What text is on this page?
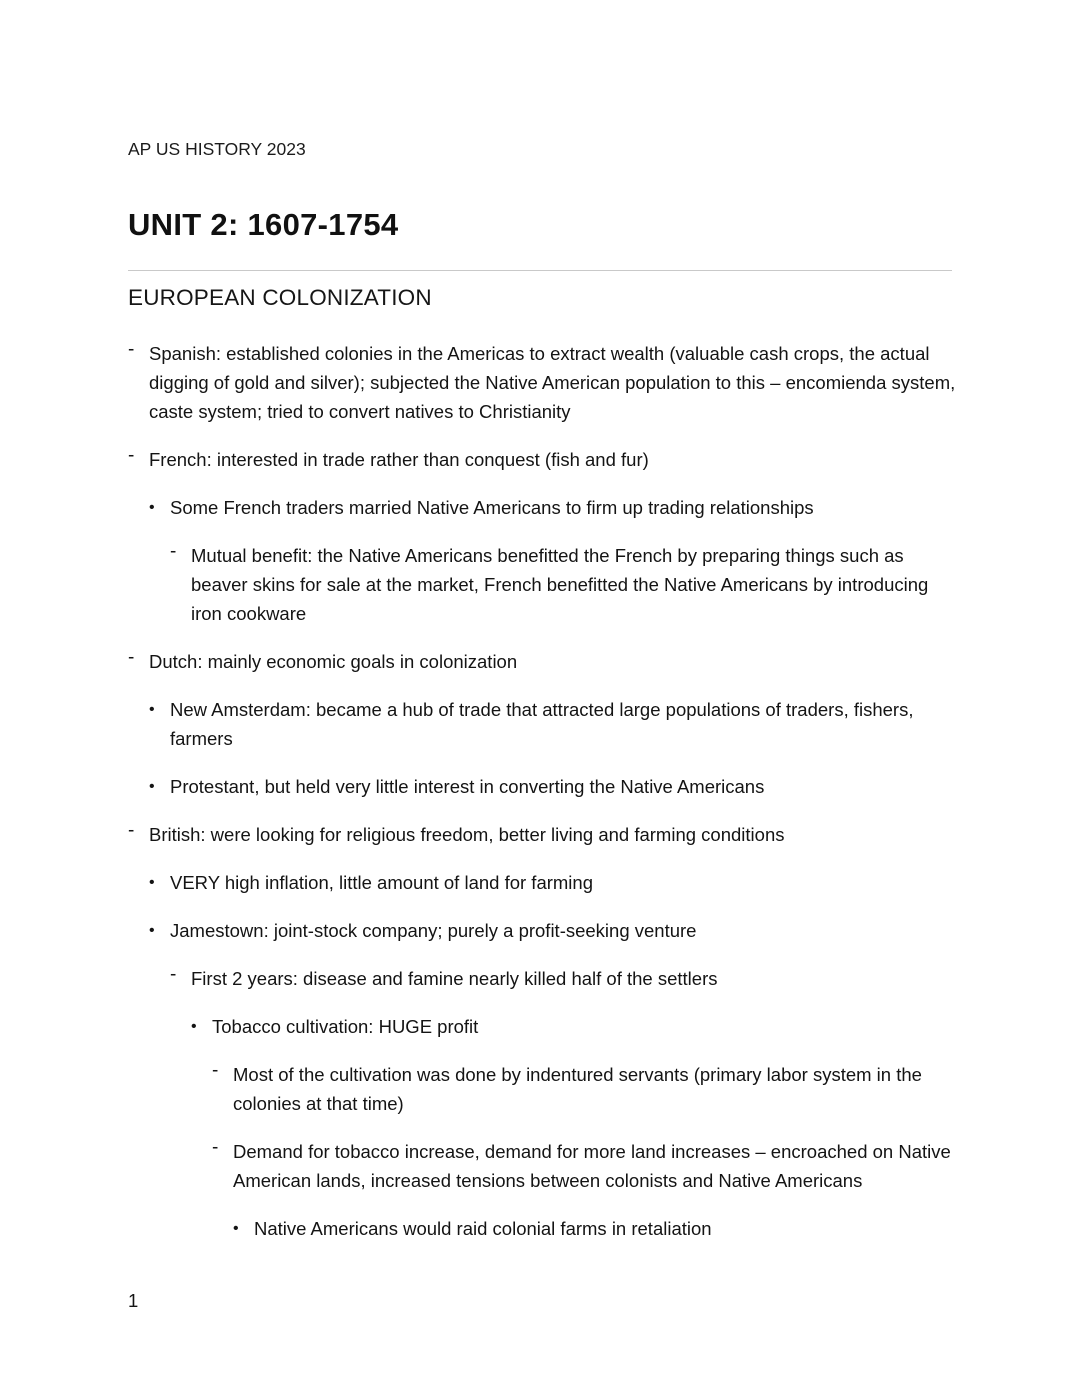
AP US HISTORY 2023

UNIT 2: 1607-1754
EUROPEAN COLONIZATION
- Spanish: established colonies in the Americas to extract wealth (valuable cash crops, the actual digging of gold and silver); subjected the Native American population to this – encomienda system, caste system; tried to convert natives to Christianity
- French: interested in trade rather than conquest (fish and fur)
• Some French traders married Native Americans to firm up trading relationships
- Mutual benefit: the Native Americans benefitted the French by preparing things such as beaver skins for sale at the market, French benefitted the Native Americans by introducing iron cookware
- Dutch: mainly economic goals in colonization
• New Amsterdam: became a hub of trade that attracted large populations of traders, fishers, farmers
• Protestant, but held very little interest in converting the Native Americans
- British: were looking for religious freedom, better living and farming conditions
• VERY high inflation, little amount of land for farming
• Jamestown: joint-stock company; purely a profit-seeking venture
- First 2 years: disease and famine nearly killed half of the settlers
• Tobacco cultivation: HUGE profit
- Most of the cultivation was done by indentured servants (primary labor system in the colonies at that time)
- Demand for tobacco increase, demand for more land increases – encroached on Native American lands, increased tensions between colonists and Native Americans
• Native Americans would raid colonial farms in retaliation
1
